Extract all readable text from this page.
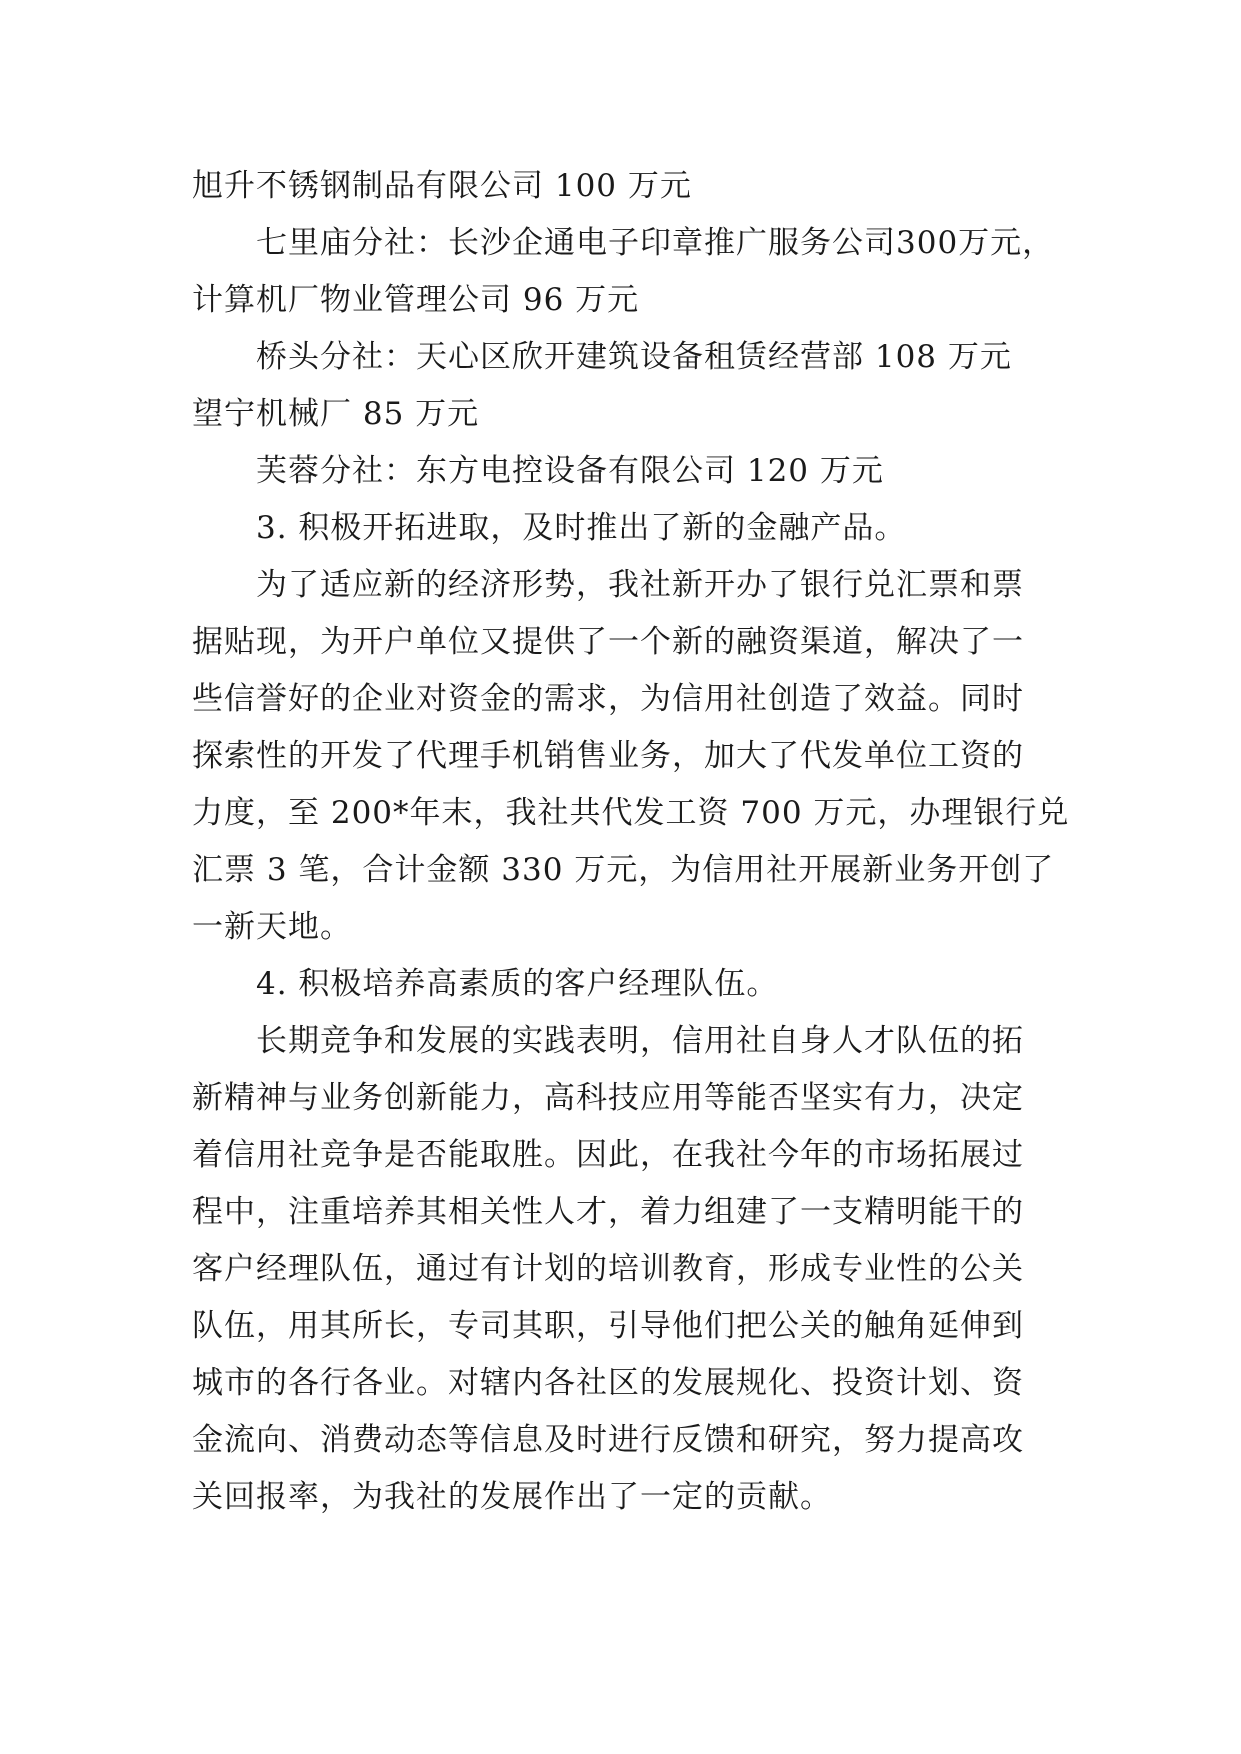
旭升不锈钢制品有限公司 100 万元
七里庙分社：长沙企通电子印章推广服务公司300万元，
计算机厂物业管理公司 96 万元
桥头分社：天心区欣开建筑设备租赁经营部 108 万元
望宁机械厂 85 万元
芙蓉分社：东方电控设备有限公司 120 万元
3. 积极开拓进取，及时推出了新的金融产品。
为了适应新的经济形势，我社新开办了银行兑汇票和票
据贴现，为开户单位又提供了一个新的融资渠道，解决了一
些信誉好的企业对资金的需求，为信用社创造了效益。同时
探索性的开发了代理手机销售业务，加大了代发单位工资的
力度，至 200*年末，我社共代发工资 700 万元，办理银行兑
汇票 3 笔，合计金额 330 万元，为信用社开展新业务开创了
一新天地。
4. 积极培养高素质的客户经理队伍。
长期竞争和发展的实践表明，信用社自身人才队伍的拓
新精神与业务创新能力，高科技应用等能否坚实有力，决定
着信用社竞争是否能取胜。因此，在我社今年的市场拓展过
程中，注重培养其相关性人才，着力组建了一支精明能干的
客户经理队伍，通过有计划的培训教育，形成专业性的公关
队伍，用其所长，专司其职，引导他们把公关的触角延伸到
城市的各行各业。对辖内各社区的发展规化、投资计划、资
金流向、消费动态等信息及时进行反馈和研究，努力提高攻
关回报率，为我社的发展作出了一定的贡献。
